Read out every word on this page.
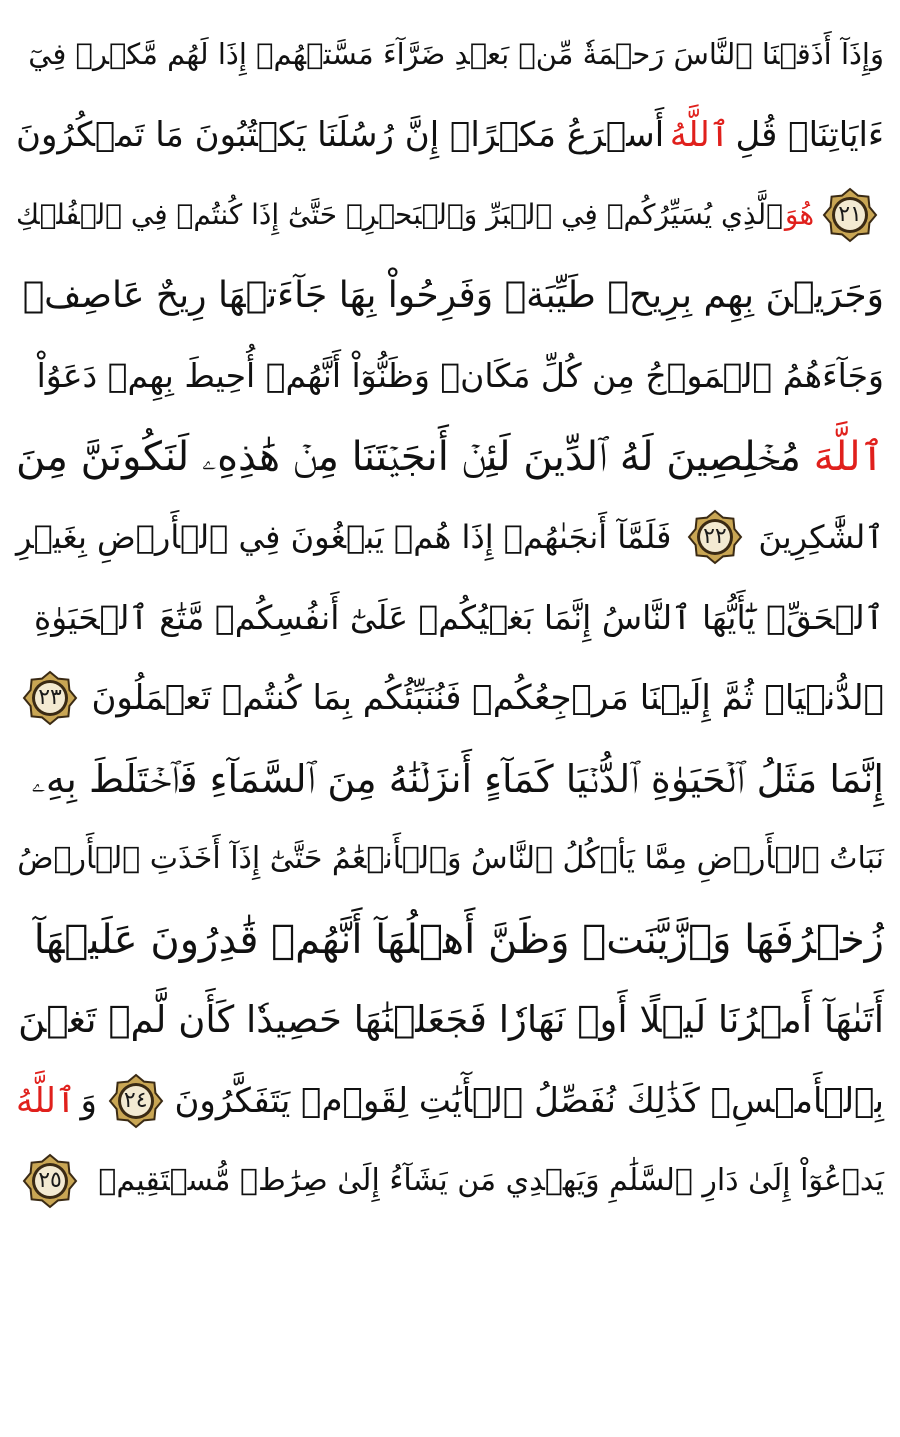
وَإِذَآ أَذَقۡنَا ٱلنَّاسَ رَحۡمَةٗ مِّنۢ بَعۡدِ ضَرَّآءَ مَسَّتۡهُمۡ إِذَا لَهُم مَّكۡرٞ فِيٓ
ءَايَاتِنَاۚ قُلِ
ٱللَّهُ
أَسۡرَعُ مَكۡرًاۚ إِنَّ رُسُلَنَا يَكۡتُبُونَ مَا تَمۡكُرُونَ
٢١
هُوَ
ٱلَّذِي يُسَيِّرُكُمۡ فِي ٱلۡبَرِّ وَٱلۡبَحۡرِۖ حَتَّىٰٓ إِذَا كُنتُمۡ فِي ٱلۡفُلۡكِ
وَجَرَيۡنَ بِهِم بِرِيحٖ طَيِّبَةٖ وَفَرِحُواْ بِهَا جَآءَتۡهَا رِيحٌ عَاصِفٞ
وَجَآءَهُمُ ٱلۡمَوۡجُ مِن كُلِّ مَكَانٖ وَظَنُّوٓاْ أَنَّهُمۡ أُحِيطَ بِهِمۡ دَعَوُاْ
ٱللَّهَ
مُخۡلِصِينَ لَهُ ٱلدِّينَ لَئِنۡ أَنجَيۡتَنَا مِنۡ هَٰذِهِۦ لَنَكُونَنَّ مِنَ
ٱلشَّٰكِرِينَ
٢٢
فَلَمَّآ أَنجَىٰهُمۡ إِذَا هُمۡ يَبۡغُونَ فِي ٱلۡأَرۡضِ بِغَيۡرِ
ٱلۡحَقِّۗ يَٰٓأَيُّهَا ٱلنَّاسُ إِنَّمَا بَغۡيُكُمۡ عَلَىٰٓ أَنفُسِكُمۖ مَّتَٰعَ ٱلۡحَيَوٰةِ
ٱلدُّنۡيَاۖ ثُمَّ إِلَيۡنَا مَرۡجِعُكُمۡ فَنُنَبِّئُكُم بِمَا كُنتُمۡ تَعۡمَلُونَ
٢٣
إِنَّمَا مَثَلُ ٱلۡحَيَوٰةِ ٱلدُّنۡيَا كَمَآءٍ أَنزَلۡنَٰهُ مِنَ ٱلسَّمَآءِ فَٱخۡتَلَطَ بِهِۦ
نَبَاتُ ٱلۡأَرۡضِ مِمَّا يَأۡكُلُ ٱلنَّاسُ وَٱلۡأَنۡعَٰمُ حَتَّىٰٓ إِذَآ أَخَذَتِ ٱلۡأَرۡضُ
زُخۡرُفَهَا وَٱزَّيَّنَتۡ وَظَنَّ أَهۡلُهَآ أَنَّهُمۡ قَٰدِرُونَ عَلَيۡهَآ
أَتَىٰهَآ أَمۡرُنَا لَيۡلًا أَوۡ نَهَارٗا فَجَعَلۡنَٰهَا حَصِيدٗا كَأَن لَّمۡ تَغۡنَ
بِٱلۡأَمۡسِۚ كَذَٰلِكَ نُفَصِّلُ ٱلۡأٓيَٰتِ لِقَوۡمٖ يَتَفَكَّرُونَ
٢٤
وَ
ٱللَّهُ
يَدۡعُوٓاْ إِلَىٰ دَارِ ٱلسَّلَٰمِ وَيَهۡدِي مَن يَشَآءُ إِلَىٰ صِرَٰطٖ مُّسۡتَقِيمٖ
٢٥
